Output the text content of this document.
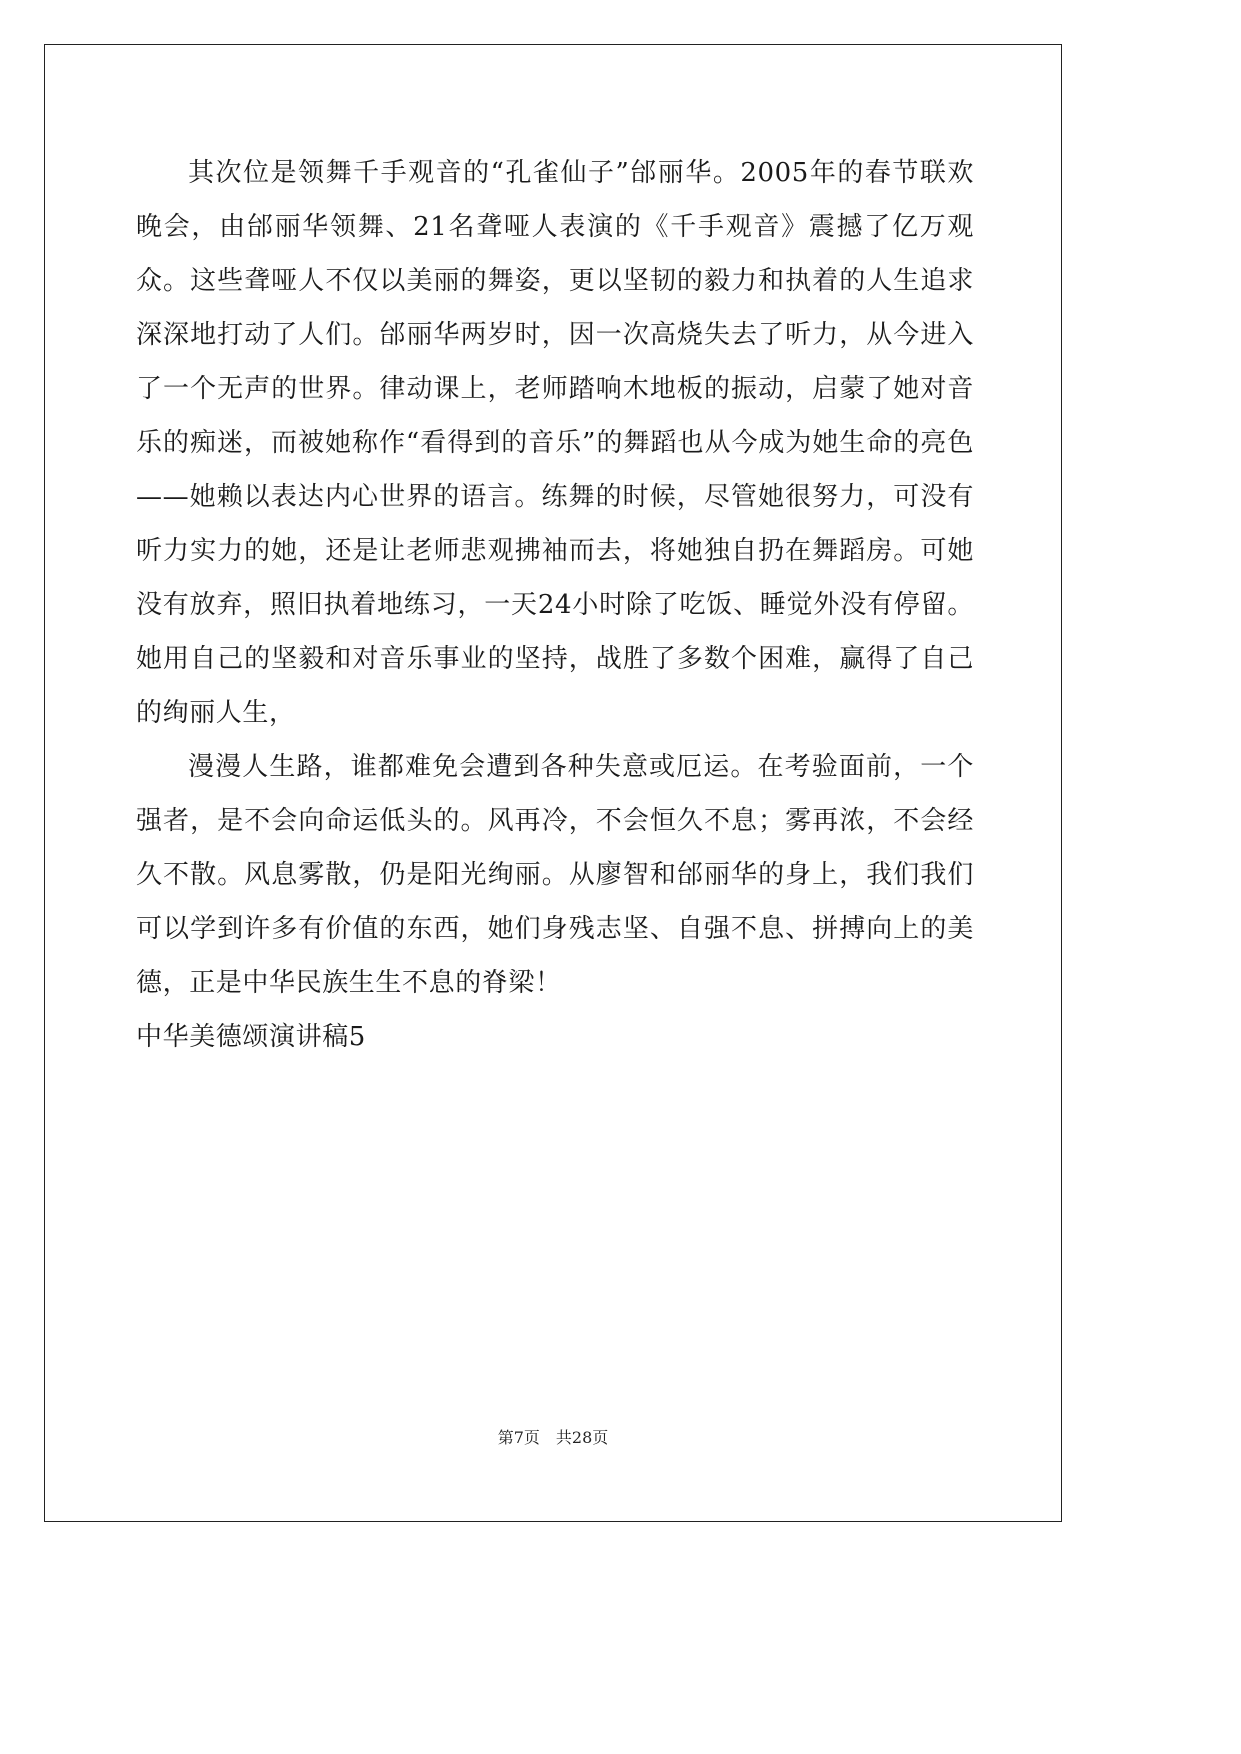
其次位是领舞千手观音的“孔雀仙子”邰丽华。2005年的春节联欢晚会，由邰丽华领舞、21名聋哑人表演的《千手观音》震撼了亿万观众。这些聋哑人不仅以美丽的舞姿，更以坚韧的毅力和执着的人生追求深深地打动了人们。邰丽华两岁时，因一次高烧失去了听力，从今进入了一个无声的世界。律动课上，老师踏响木地板的振动，启蒙了她对音乐的痴迷，而被她称作“看得到的音乐”的舞蹈也从今成为她生命的亮色——她赖以表达内心世界的语言。练舞的时候，尽管她很努力，可没有听力实力的她，还是让老师悲观拂袖而去，将她独自扔在舞蹈房。可她没有放弃，照旧执着地练习，一天24小时除了吃饭、睡觉外没有停留。她用自己的坚毅和对音乐事业的坚持，战胜了多数个困难，赢得了自己的绚丽人生，

漫漫人生路，谁都难免会遭到各种失意或厄运。在考验面前，一个强者，是不会向命运低头的。风再冷，不会恒久不息；雾再浓，不会经久不散。风息雾散，仍是阳光绚丽。从廖智和邰丽华的身上，我们我们可以学到许多有价值的东西，她们身残志坚、自强不息、拼搏向上的美德，正是中华民族生生不息的脊梁！

中华美德颂演讲稿5

第7页　共28页
